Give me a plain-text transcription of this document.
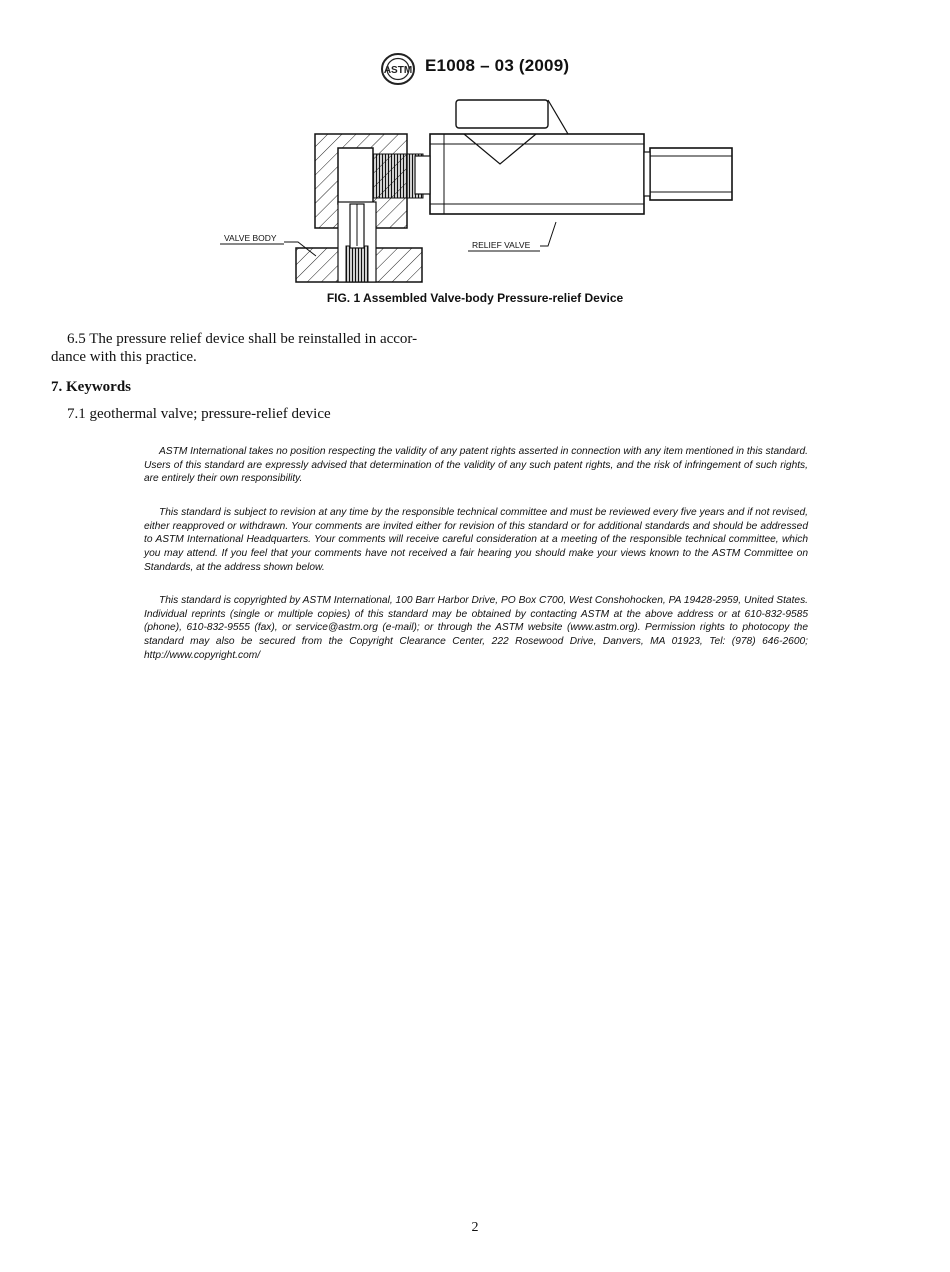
ASTM E1008 – 03 (2009)
VALVE BODY
RELIEF VALVE
FIG. 1 Assembled Valve-body Pressure-relief Device
6.5 The pressure relief device shall be reinstalled in accor-
dance with this practice.
7. Keywords
7.1 geothermal valve; pressure-relief device
ASTM International takes no position respecting the validity of any patent rights asserted in connection with any item mentioned in this standard. Users of this standard are expressly advised that determination of the validity of any such patent rights, and the risk of infringement of such rights, are entirely their own responsibility.
This standard is subject to revision at any time by the responsible technical committee and must be reviewed every five years and if not revised, either reapproved or withdrawn. Your comments are invited either for revision of this standard or for additional standards and should be addressed to ASTM International Headquarters. Your comments will receive careful consideration at a meeting of the responsible technical committee, which you may attend. If you feel that your comments have not received a fair hearing you should make your views known to the ASTM Committee on Standards, at the address shown below.
This standard is copyrighted by ASTM International, 100 Barr Harbor Drive, PO Box C700, West Conshohocken, PA 19428-2959, United States. Individual reprints (single or multiple copies) of this standard may be obtained by contacting ASTM at the above address or at 610-832-9585 (phone), 610-832-9555 (fax), or service@astm.org (e-mail); or through the ASTM website (www.astm.org). Permission rights to photocopy the standard may also be secured from the Copyright Clearance Center, 222 Rosewood Drive, Danvers, MA 01923, Tel: (978) 646-2600; http://www.copyright.com/
2
